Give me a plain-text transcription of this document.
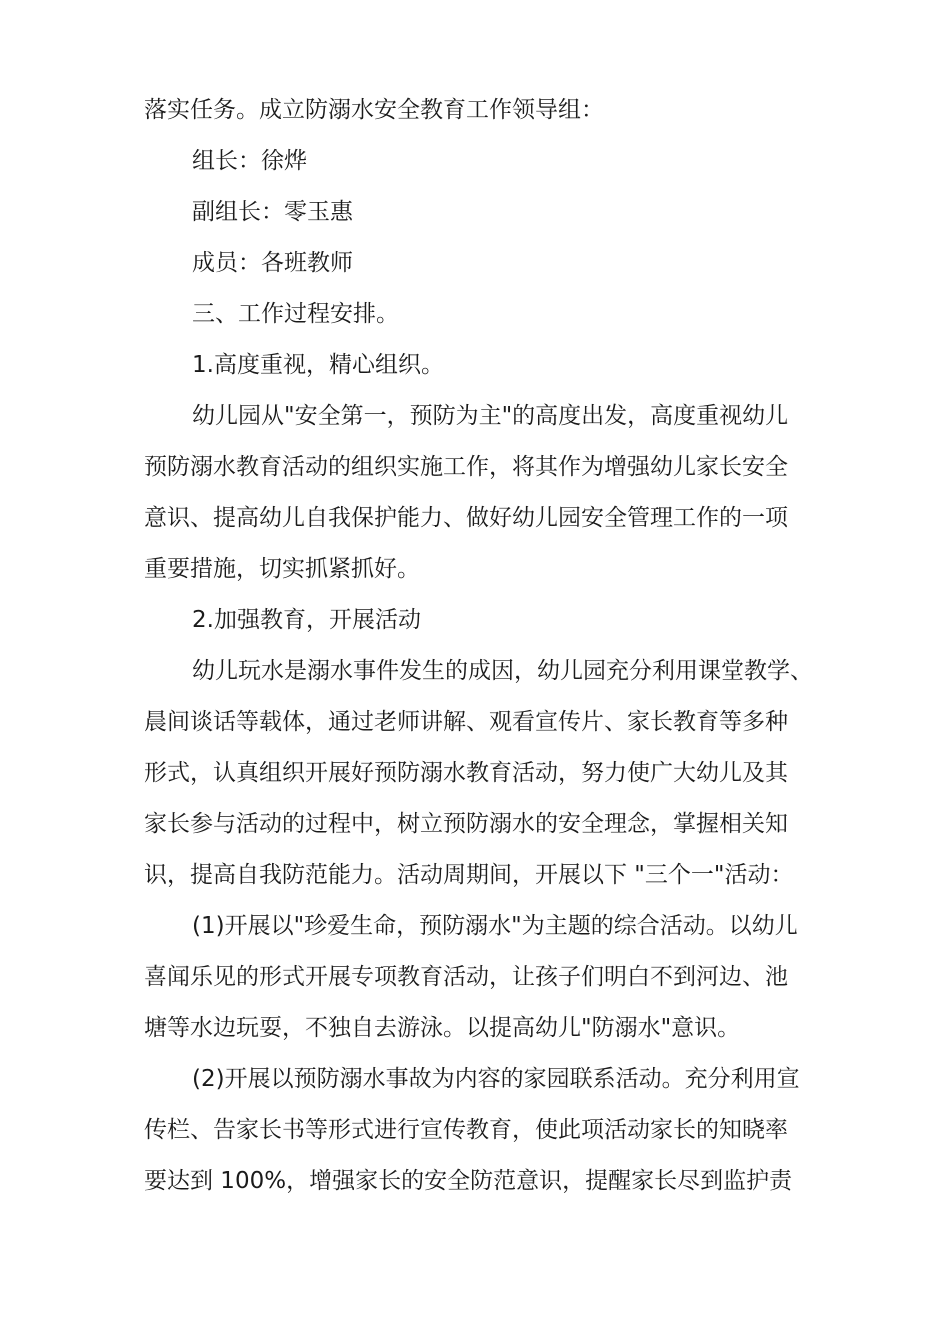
落实任务。成立防溺水安全教育工作领导组：

组长：徐烨

副组长：零玉惠

成员：各班教师

三、工作过程安排。

1.高度重视，精心组织。

幼儿园从"安全第一，预防为主"的高度出发，高度重视幼儿

预防溺水教育活动的组织实施工作，将其作为增强幼儿家长安全

意识、提高幼儿自我保护能力、做好幼儿园安全管理工作的一项

重要措施，切实抓紧抓好。

2.加强教育，开展活动

幼儿玩水是溺水事件发生的成因，幼儿园充分利用课堂教学、

晨间谈话等载体，通过老师讲解、观看宣传片、家长教育等多种

形式，认真组织开展好预防溺水教育活动，努力使广大幼儿及其

家长参与活动的过程中，树立预防溺水的安全理念，掌握相关知

识，提高自我防范能力。活动周期间，开展以下 "三个一"活动：

(1)开展以"珍爱生命，预防溺水"为主题的综合活动。以幼儿

喜闻乐见的形式开展专项教育活动，让孩子们明白不到河边、池

塘等水边玩耍，不独自去游泳。以提高幼儿"防溺水"意识。

(2)开展以预防溺水事故为内容的家园联系活动。充分利用宣

传栏、告家长书等形式进行宣传教育，使此项活动家长的知晓率

要达到 100%，增强家长的安全防范意识，提醒家长尽到监护责
